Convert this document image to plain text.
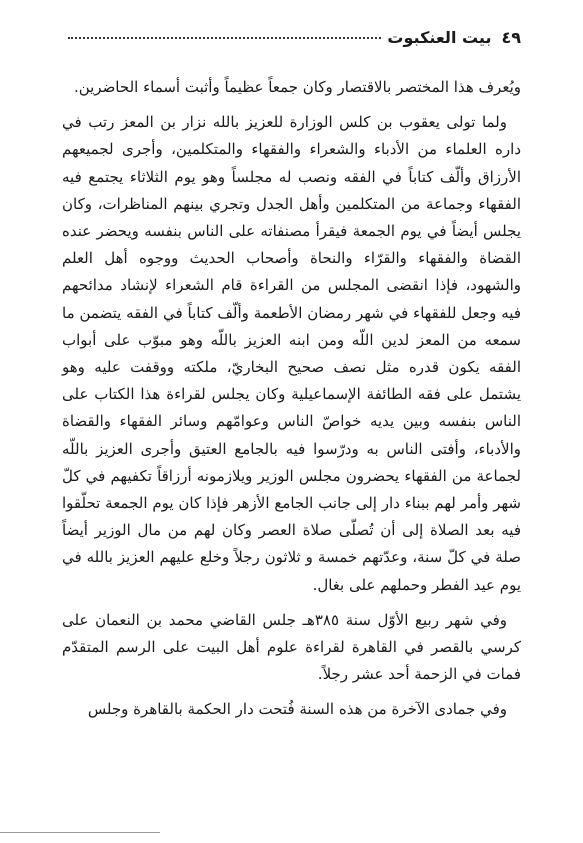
٤٩
بيت العنكبوت

ويُعرف هذا المختصر بالاقتصار وكان جمعاً عظيماً وأثبت أسماء الحاضرين.

ولما تولى يعقوب بن كلس الوزارة للعزيز بالله نزار بن المعز رتب في داره العلماء من الأدباء والشعراء والفقهاء والمتكلمين، وأجرى لجميعهم الأرزاق وألّف كتاباً في الفقه ونصب له مجلساً وهو يوم الثلاثاء يجتمع فيه الفقهاء وجماعة من المتكلمين وأهل الجدل وتجري بينهم المناظرات، وكان يجلس أيضاً في يوم الجمعة فيقرأ مصنفاته على الناس بنفسه ويحضر عنده القضاة والفقهاء والقرّاء والنحاة وأصحاب الحديث ووجوه أهل العلم والشهود، فإذا انقضى المجلس من القراءة قام الشعراء لإنشاد مدائحهم فيه وجعل للفقهاء في شهر رمضان الأطعمة وألّف كتاباً في الفقه يتضمن ما سمعه من المعز لدين اللّه ومن ابنه العزيز باللّه وهو مبوّب على أبواب الفقه يكون قدره مثل نصف صحيح البخاريّ، ملكته ووقفت عليه وهو يشتمل على فقه الطائفة الإسماعيلية وكان يجلس لقراءة هذا الكتاب على الناس بنفسه وبين يديه خواصّ الناس وعوامّهم وسائر الفقهاء والقضاة والأدباء، وأفتى الناس به ودرّسوا فيه بالجامع العتيق وأجرى العزيز باللّه لجماعة من الفقهاء يحضرون مجلس الوزير ويلازمونه أرزاقاً تكفيهم في كلّ شهر وأمر لهم ببناء دار إلى جانب الجامع الأزهر فإذا كان يوم الجمعة تحلّقوا فيه بعد الصلاة إلى أن تُصلّى صلاة العصر وكان لهم من مال الوزير أيضاً صلة في كلّ سنة، وعدّتهم خمسة و ثلاثون رجلاً وخلع عليهم العزيز بالله في يوم عيد الفطر وحملهم على بغال.

وفي شهر ربيع الأوّل سنة ٣٨٥هـ جلس القاضي محمد بن النعمان على كرسي بالقصر في القاهرة لقراءة علوم أهل البيت على الرسم المتقدّم فمات في الزحمة أحد عشر رجلاً.

وفي جمادى الآخرة من هذه السنة فُتحت دار الحكمة بالقاهرة وجلس
